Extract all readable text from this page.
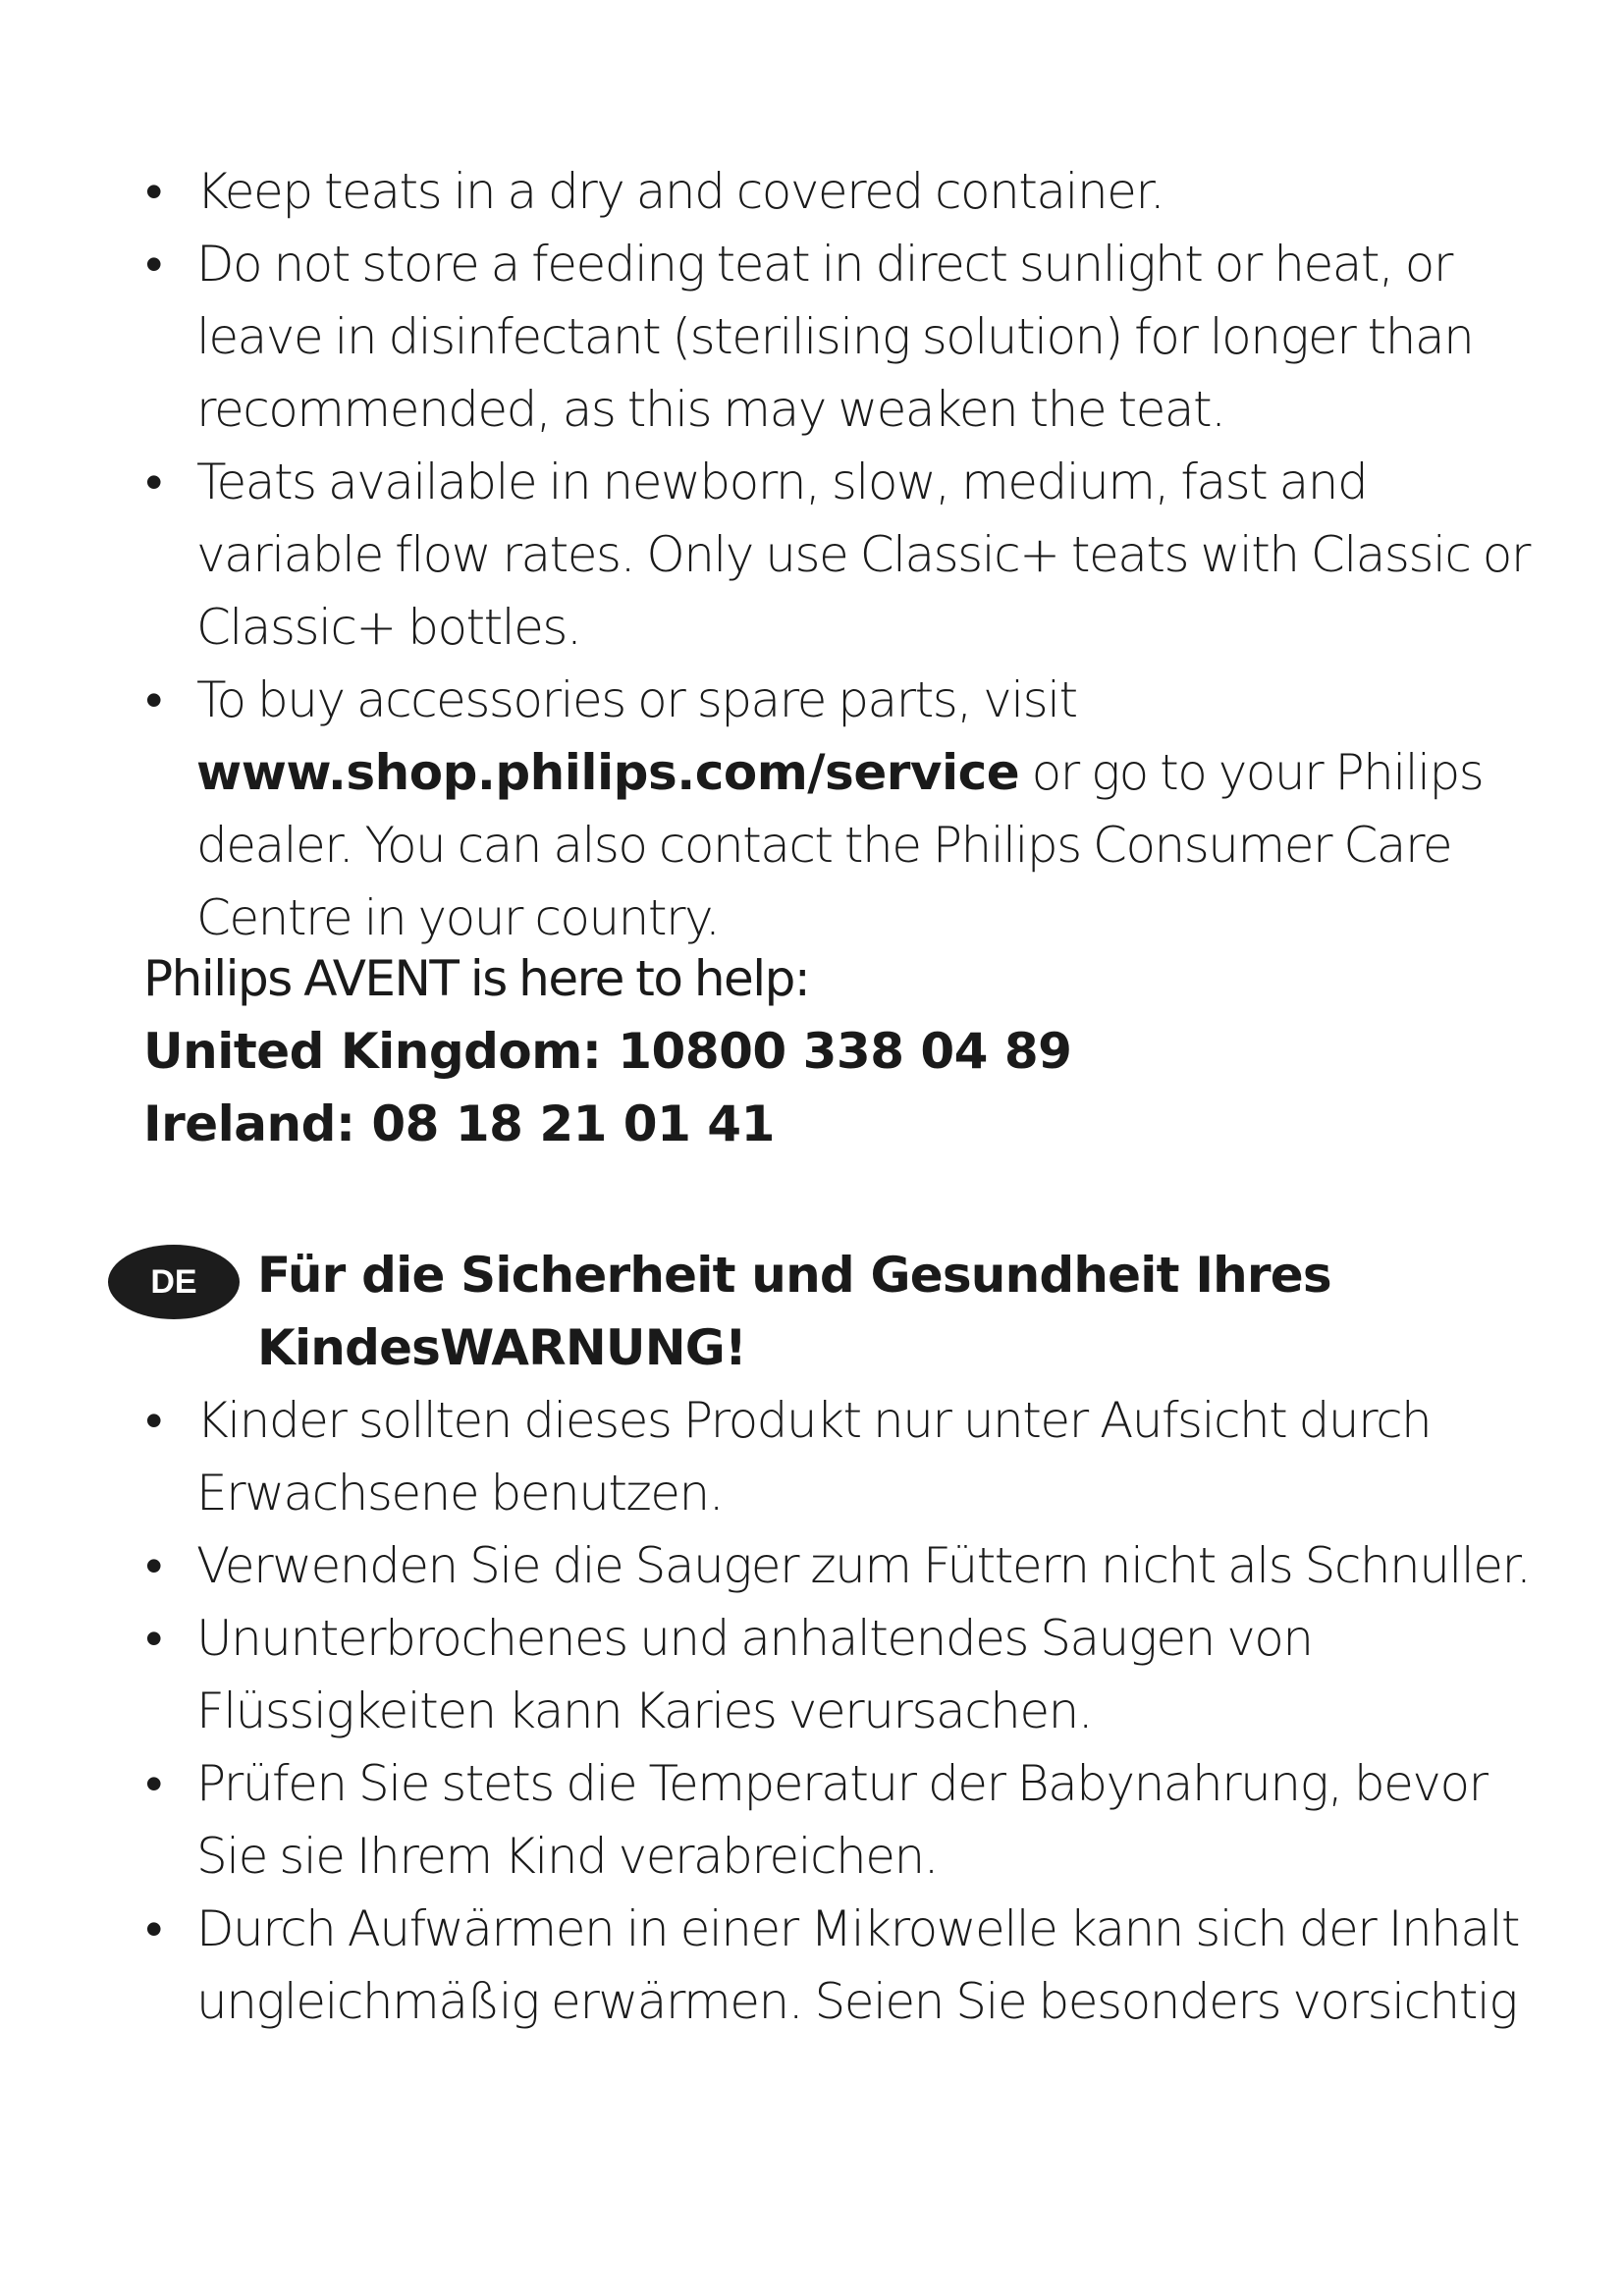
• Keep teats in a dry and covered container.
• Do not store a feeding teat in direct sunlight or heat, or leave in disinfectant (sterilising solution) for longer than recommended, as this may weaken the teat.
• Teats available in newborn, slow, medium, fast and variable flow rates. Only use Classic+ teats with Classic or Classic+ bottles.
• To buy accessories or spare parts, visit
www.shop.philips.com/service or go to your Philips dealer. You can also contact the Philips Consumer Care Centre in your country.
Philips AVENT is here to help:
United Kingdom: 10800 338 04 89
Ireland: 08 18 21 01 41
DE	Für die Sicherheit und Gesundheit Ihres
KindesWARNUNG!
• Kinder sollten dieses Produkt nur unter Aufsicht durch Erwachsene benutzen.
• Verwenden Sie die Sauger zum Füttern nicht als Schnuller.
• Ununterbrochenes und anhaltendes Saugen von Flüssigkeiten kann Karies verursachen.
• Prüfen Sie stets die Temperatur der Babynahrung, bevor Sie sie Ihrem Kind verabreichen.
• Durch Aufwärmen in einer Mikrowelle kann sich der Inhalt ungleichmäßig erwärmen. Seien Sie besonders vorsichtig
